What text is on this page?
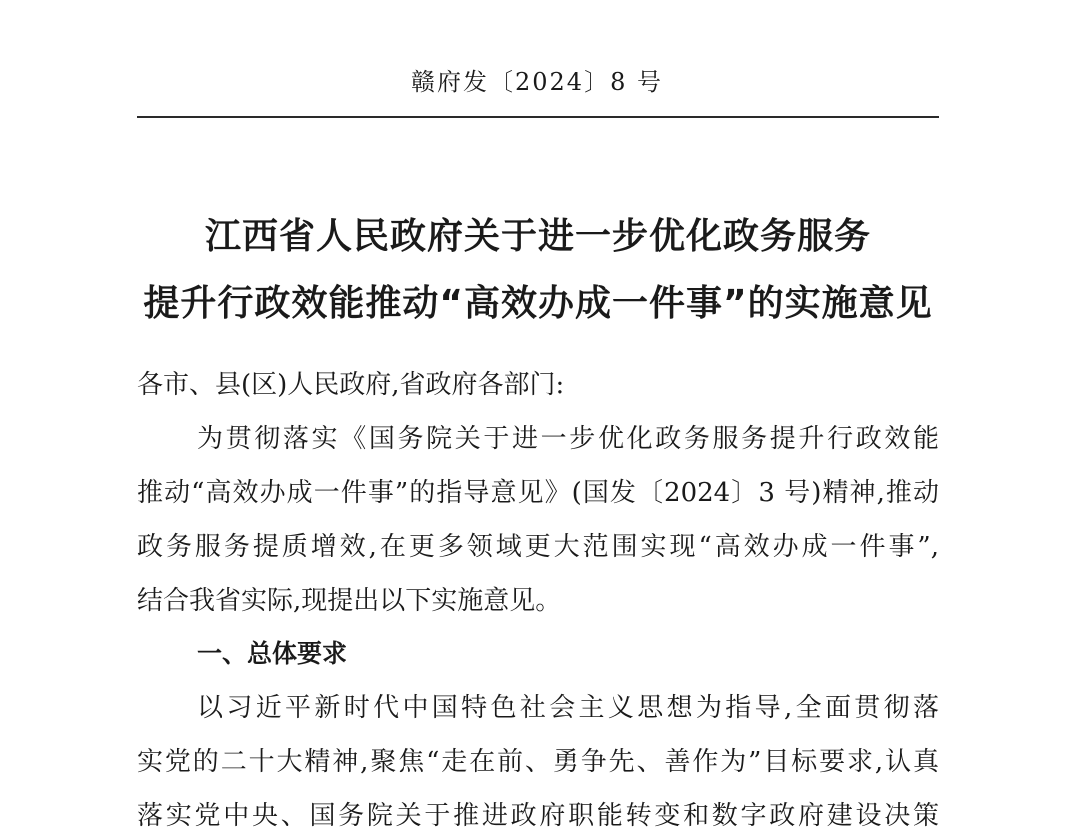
赣府发〔2024〕8 号
江西省人民政府关于进一步优化政务服务
提升行政效能推动“高效办成一件事”的实施意见
各市、县(区)人民政府,省政府各部门:
为贯彻落实《国务院关于进一步优化政务服务提升行政效能
推动“高效办成一件事”的指导意见》(国发〔2024〕3 号)精神,推动
政务服务提质增效,在更多领域更大范围实现“高效办成一件事”,
结合我省实际,现提出以下实施意见。
一、总体要求
以习近平新时代中国特色社会主义思想为指导,全面贯彻落
实党的二十大精神,聚焦“走在前、勇争先、善作为”目标要求,认真
落实党中央、国务院关于推进政府职能转变和数字政府建设决策
